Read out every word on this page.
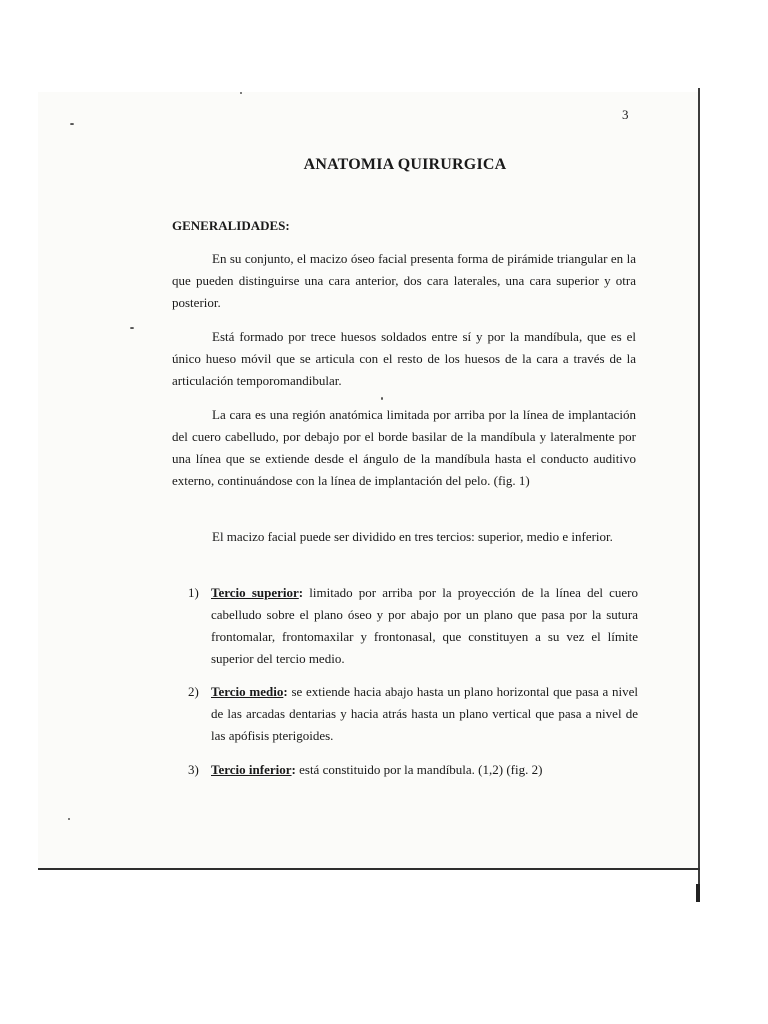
3
ANATOMIA QUIRURGICA
GENERALIDADES:

En su conjunto, el macizo óseo facial presenta forma de pirámide triangular en la que pueden distinguirse una cara anterior, dos cara laterales, una cara superior y otra posterior.

Está formado por trece huesos soldados entre sí y por la mandíbula, que es el único hueso móvil que se articula con el resto de los huesos de la cara a través de la articulación temporomandibular.

La cara es una región anatómica limitada por arriba por la línea de implantación del cuero cabelludo, por debajo por el borde basilar de la mandíbula y lateralmente por una línea que se extiende desde el ángulo de la mandíbula hasta el conducto auditivo externo, continuándose con la línea de implantación del pelo. (fig. 1)

El macizo facial puede ser dividido en tres tercios: superior, medio e inferior.

1) Tercio superior: limitado por arriba por la proyección de la línea del cuero cabelludo sobre el plano óseo y por abajo por un plano que pasa por la sutura frontomalar, frontomaxilar y frontonasal, que constituyen a su vez el límite superior del tercio medio.
2) Tercio medio: se extiende hacia abajo hasta un plano horizontal que pasa a nivel de las arcadas dentarias y hacia atrás hasta un plano vertical que pasa a nivel de las apófisis pterigoides.
3) Tercio inferior: está constituido por la mandíbula. (1,2) (fig. 2)
